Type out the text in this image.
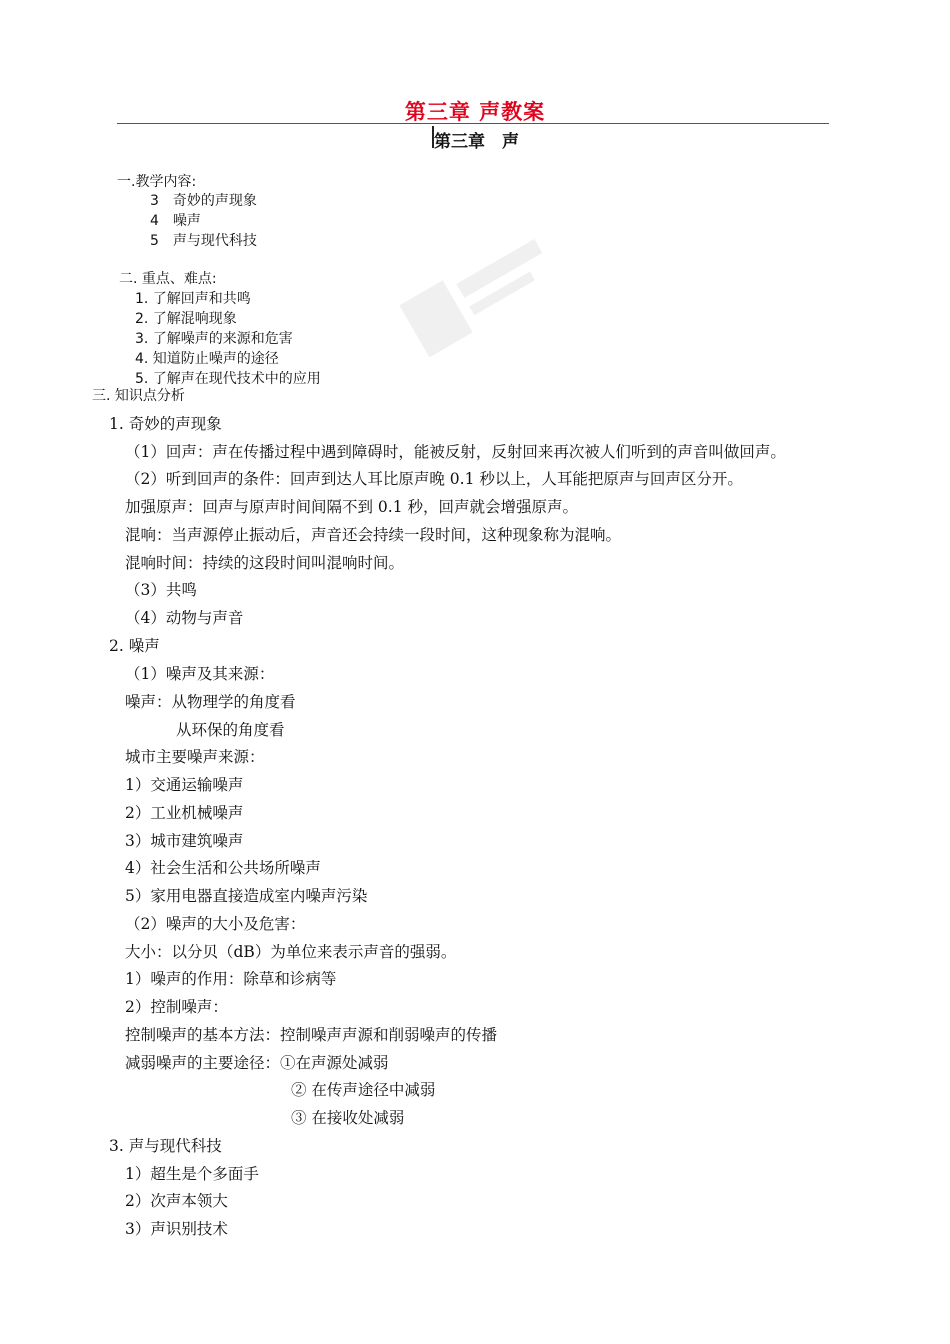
第三章 声教案
第三章　声
一.教学内容:
3　奇妙的声现象
4　噪声
5　声与现代科技
二. 重点、难点:
1. 了解回声和共鸣
2. 了解混响现象
3. 了解噪声的来源和危害
4. 知道防止噪声的途径
5. 了解声在现代技术中的应用
三. 知识点分析
1. 奇妙的声现象
（1）回声：声在传播过程中遇到障碍时，能被反射，反射回来再次被人们听到的声音叫做回声。
（2）听到回声的条件：回声到达人耳比原声晚 0.1 秒以上，人耳能把原声与回声区分开。
加强原声：回声与原声时间间隔不到 0.1 秒，回声就会增强原声。
混响：当声源停止振动后，声音还会持续一段时间，这种现象称为混响。
混响时间：持续的这段时间叫混响时间。
（3）共鸣
（4）动物与声音
2. 噪声
（1）噪声及其来源：
噪声：从物理学的角度看
从环保的角度看
城市主要噪声来源：
1）交通运输噪声
2）工业机械噪声
3）城市建筑噪声
4）社会生活和公共场所噪声
5）家用电器直接造成室内噪声污染
（2）噪声的大小及危害：
大小：以分贝（dB）为单位来表示声音的强弱。
1）噪声的作用：除草和诊病等
2）控制噪声：
控制噪声的基本方法：控制噪声声源和削弱噪声的传播
减弱噪声的主要途径：①在声源处减弱
② 在传声途径中减弱
③ 在接收处减弱
3. 声与现代科技
1）超生是个多面手
2）次声本领大
3）声识别技术
